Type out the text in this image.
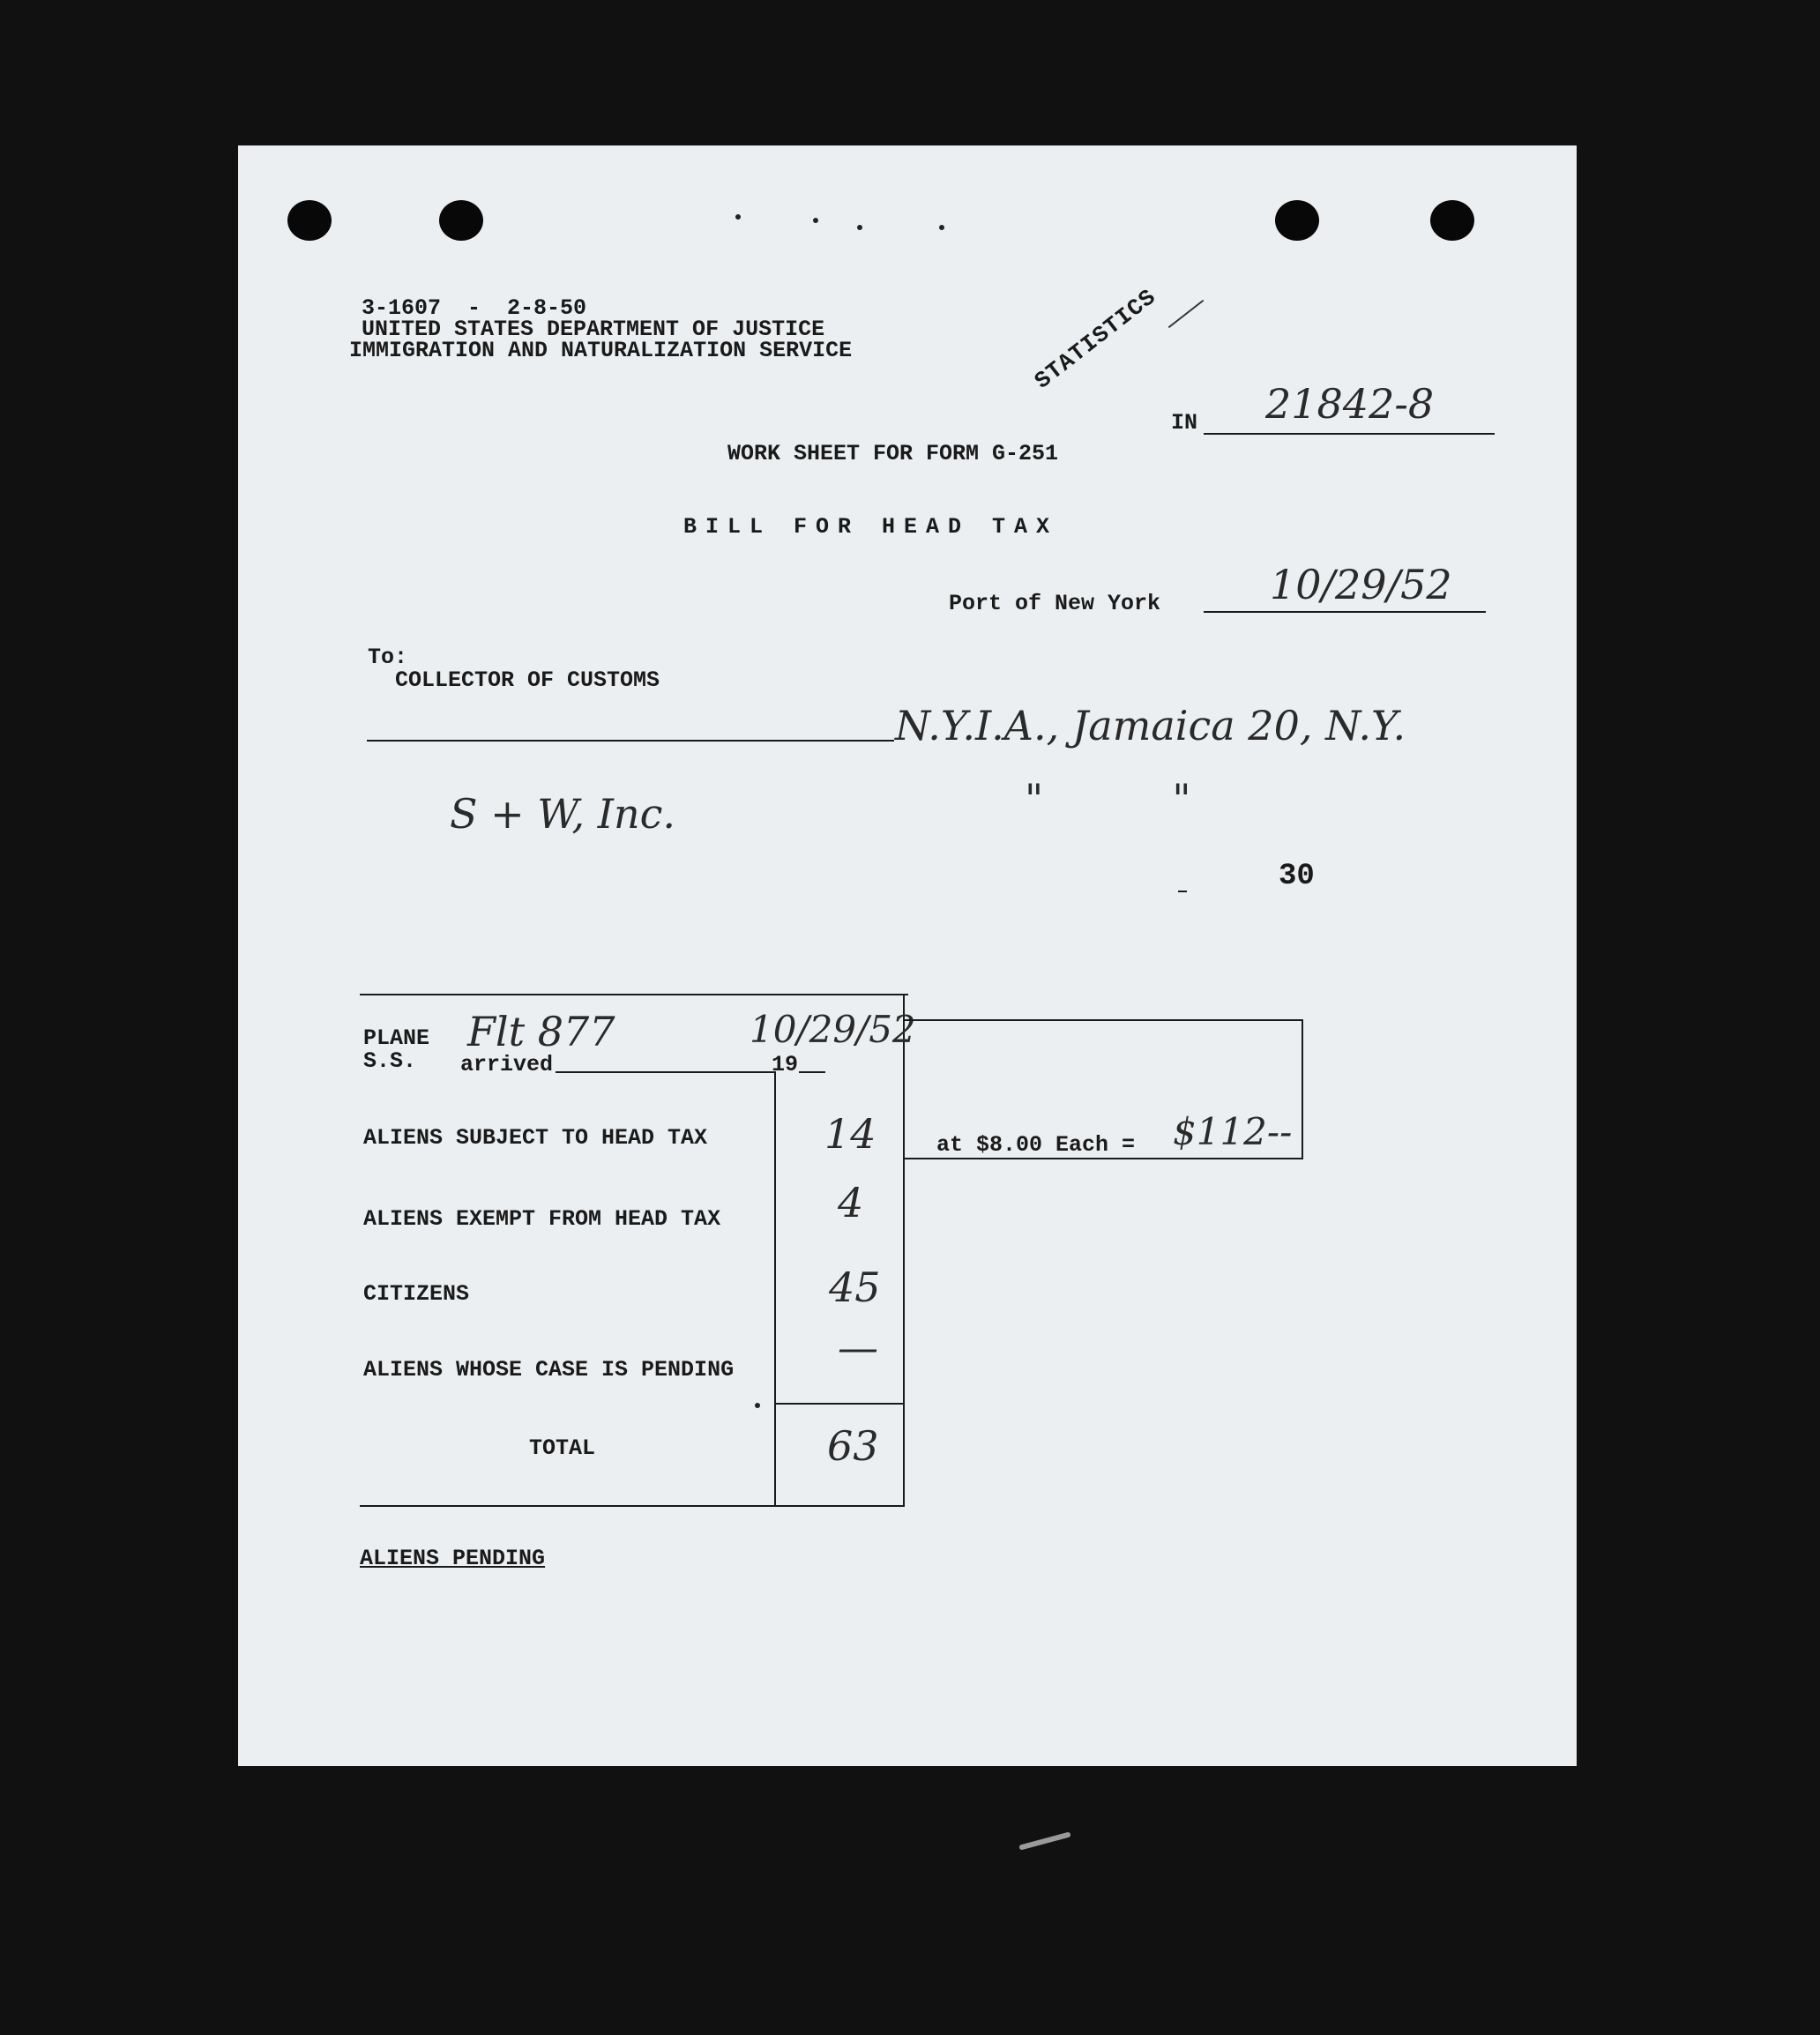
3-1607  -  2-8-50
UNITED STATES DEPARTMENT OF JUSTICE
IMMIGRATION AND NATURALIZATION SERVICE	STATISTICS
IN 21842-8
WORK SHEET FOR FORM G-251
BILL FOR HEAD TAX
Port of New York	10/29/52
To:
COLLECTOR OF CUSTOMS
N.Y.I.A., Jamaica 20, N.Y.
S + W, Inc.	"          "
30
PLANE Flt 877	10/29/52
S.S. arrived	19
ALIENS SUBJECT TO HEAD TAX	14
ALIENS EXEMPT FROM HEAD TAX	4
CITIZENS	45
ALIENS WHOSE CASE IS PENDING	—
TOTAL	63
at $8.00 Each = $112--
ALIENS PENDING
